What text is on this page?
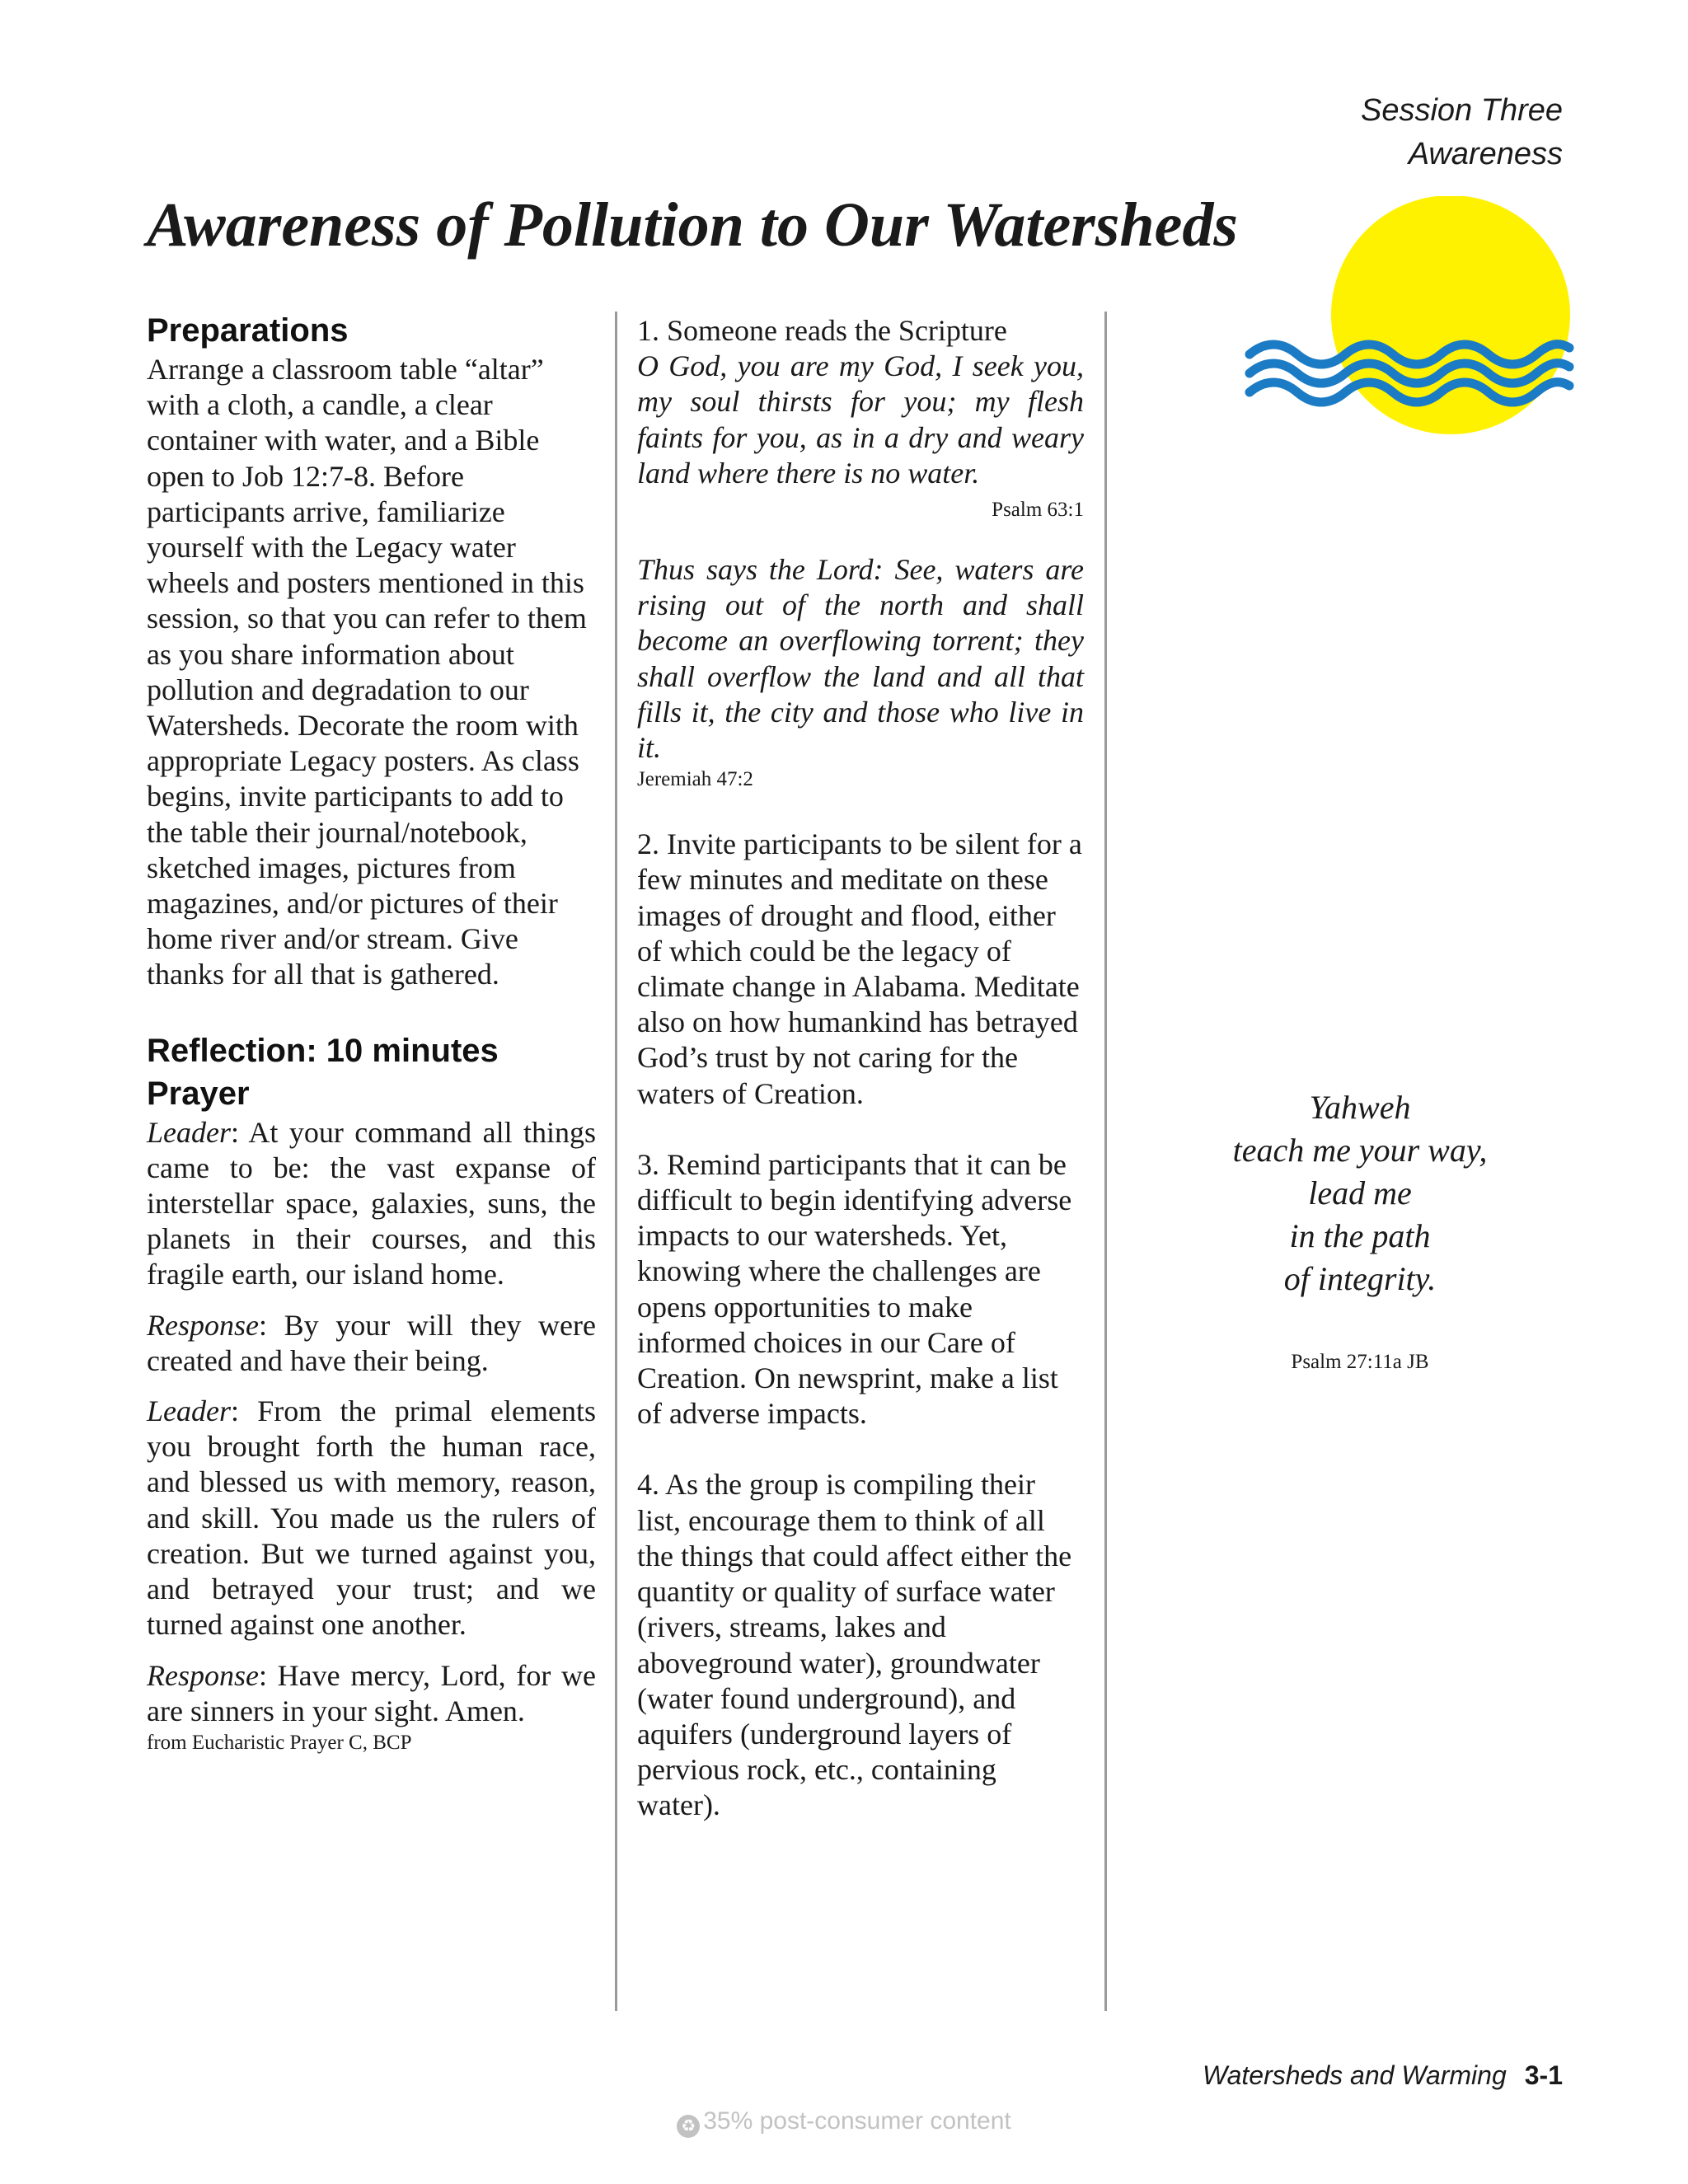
Session Three
Awareness
Awareness of Pollution to Our Watersheds
Preparations

Arrange a classroom table “altar” with a cloth, a candle, a clear container with water, and a Bible open to Job 12:7-8. Before participants arrive, familiarize yourself with the Legacy water wheels and posters mentioned in this session, so that you can refer to them as you share information about pollution and degradation to our Watersheds. Decorate the room with appropriate Legacy posters. As class begins, invite participants to add to the table their journal/notebook, sketched images, pictures from magazines, and/or pictures of their home river and/or stream. Give thanks for all that is gathered.

Reflection: 10 minutes
Prayer

Leader: At your command all things came to be: the vast expanse of interstellar space, galaxies, suns, the planets in their courses, and this fragile earth, our island home.

Response: By your will they were created and have their being.

Leader: From the primal elements you brought forth the human race, and blessed us with memory, reason, and skill. You made us the rulers of creation. But we turned against you, and betrayed your trust; and we turned against one another.

Response: Have mercy, Lord, for we are sinners in your sight. Amen.

from Eucharistic Prayer C, BCP

1. Someone reads the Scripture

O God, you are my God, I seek you, my soul thirsts for you; my flesh faints for you, as in a dry and weary land where there is no water.

Psalm 63:1

Thus says the Lord: See, waters are rising out of the north and shall become an overflowing torrent; they shall overflow the land and all that fills it, the city and those who live in it.

Jeremiah 47:2

2. Invite participants to be silent for a few minutes and meditate on these images of drought and flood, either of which could be the legacy of climate change in Alabama. Meditate also on how humankind has betrayed God’s trust by not caring for the waters of Creation.

3. Remind participants that it can be difficult to begin identifying adverse impacts to our watersheds. Yet, knowing where the challenges are opens opportunities to make informed choices in our Care of Creation. On newsprint, make a list of adverse impacts.

4. As the group is compiling their list, encourage them to think of all the things that could affect either the quantity or quality of surface water (rivers, streams, lakes and aboveground water), groundwater (water found underground), and aquifers (underground layers of pervious rock, etc., containing water).

Yahweh
teach me your way,
lead me
in the path
of integrity.
Psalm 27:11a JB
Watersheds and Warming 3-1
♻ 35% post-consumer content
